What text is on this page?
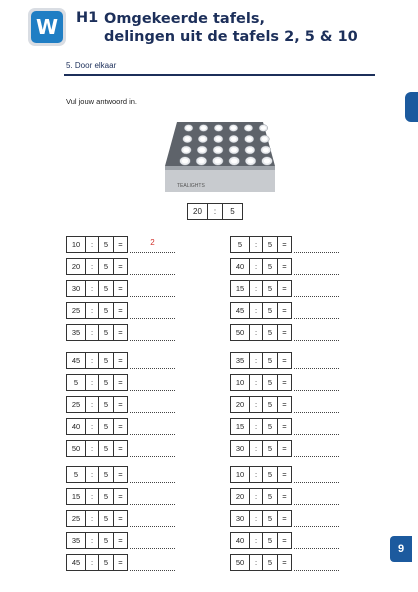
W	H1 Omgekeerde tafels,
delingen uit de tafels 2, 5 & 10
5. Door elkaar
Vul jouw antwoord in.
TEALIGHTS
20	:	5
10	:	5	=	2
20	:	5	=
30	:	5	=
25	:	5	=
35	:	5	=
45	:	5	=
5	:	5	=
25	:	5	=
40	:	5	=
50	:	5	=
5	:	5	=
15	:	5	=
25	:	5	=
35	:	5	=
45	:	5	=
5	:	5	=
40	:	5	=
15	:	5	=
45	:	5	=
50	:	5	=
35	:	5	=
10	:	5	=
20	:	5	=
15	:	5	=
30	:	5	=
10	:	5	=
20	:	5	=
30	:	5	=
40	:	5	=
50	:	5	=
9
